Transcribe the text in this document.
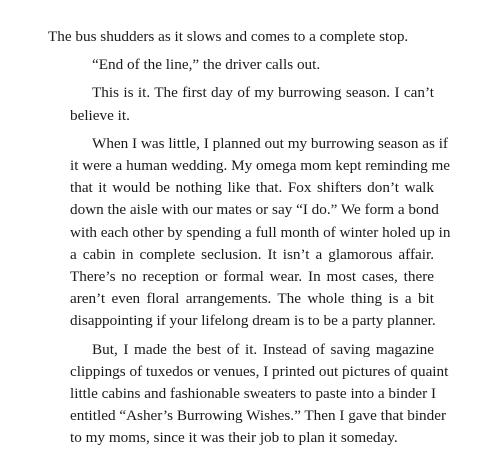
The bus shudders as it slows and comes to a complete stop.
“End of the line,” the driver calls out.
This is it. The first day of my burrowing season. I can’t
believe it.
When I was little, I planned out my burrowing season as if
it were a human wedding. My omega mom kept reminding me
that it would be nothing like that. Fox shifters don’t walk
down the aisle with our mates or say “I do.” We form a bond
with each other by spending a full month of winter holed up in
a cabin in complete seclusion. It isn’t a glamorous affair.
There’s no reception or formal wear. In most cases, there
aren’t even floral arrangements. The whole thing is a bit
disappointing if your lifelong dream is to be a party planner.
But, I made the best of it. Instead of saving magazine
clippings of tuxedos or venues, I printed out pictures of quaint
little cabins and fashionable sweaters to paste into a binder I
entitled “Asher’s Burrowing Wishes.” Then I gave that binder
to my moms, since it was their job to plan it someday.
